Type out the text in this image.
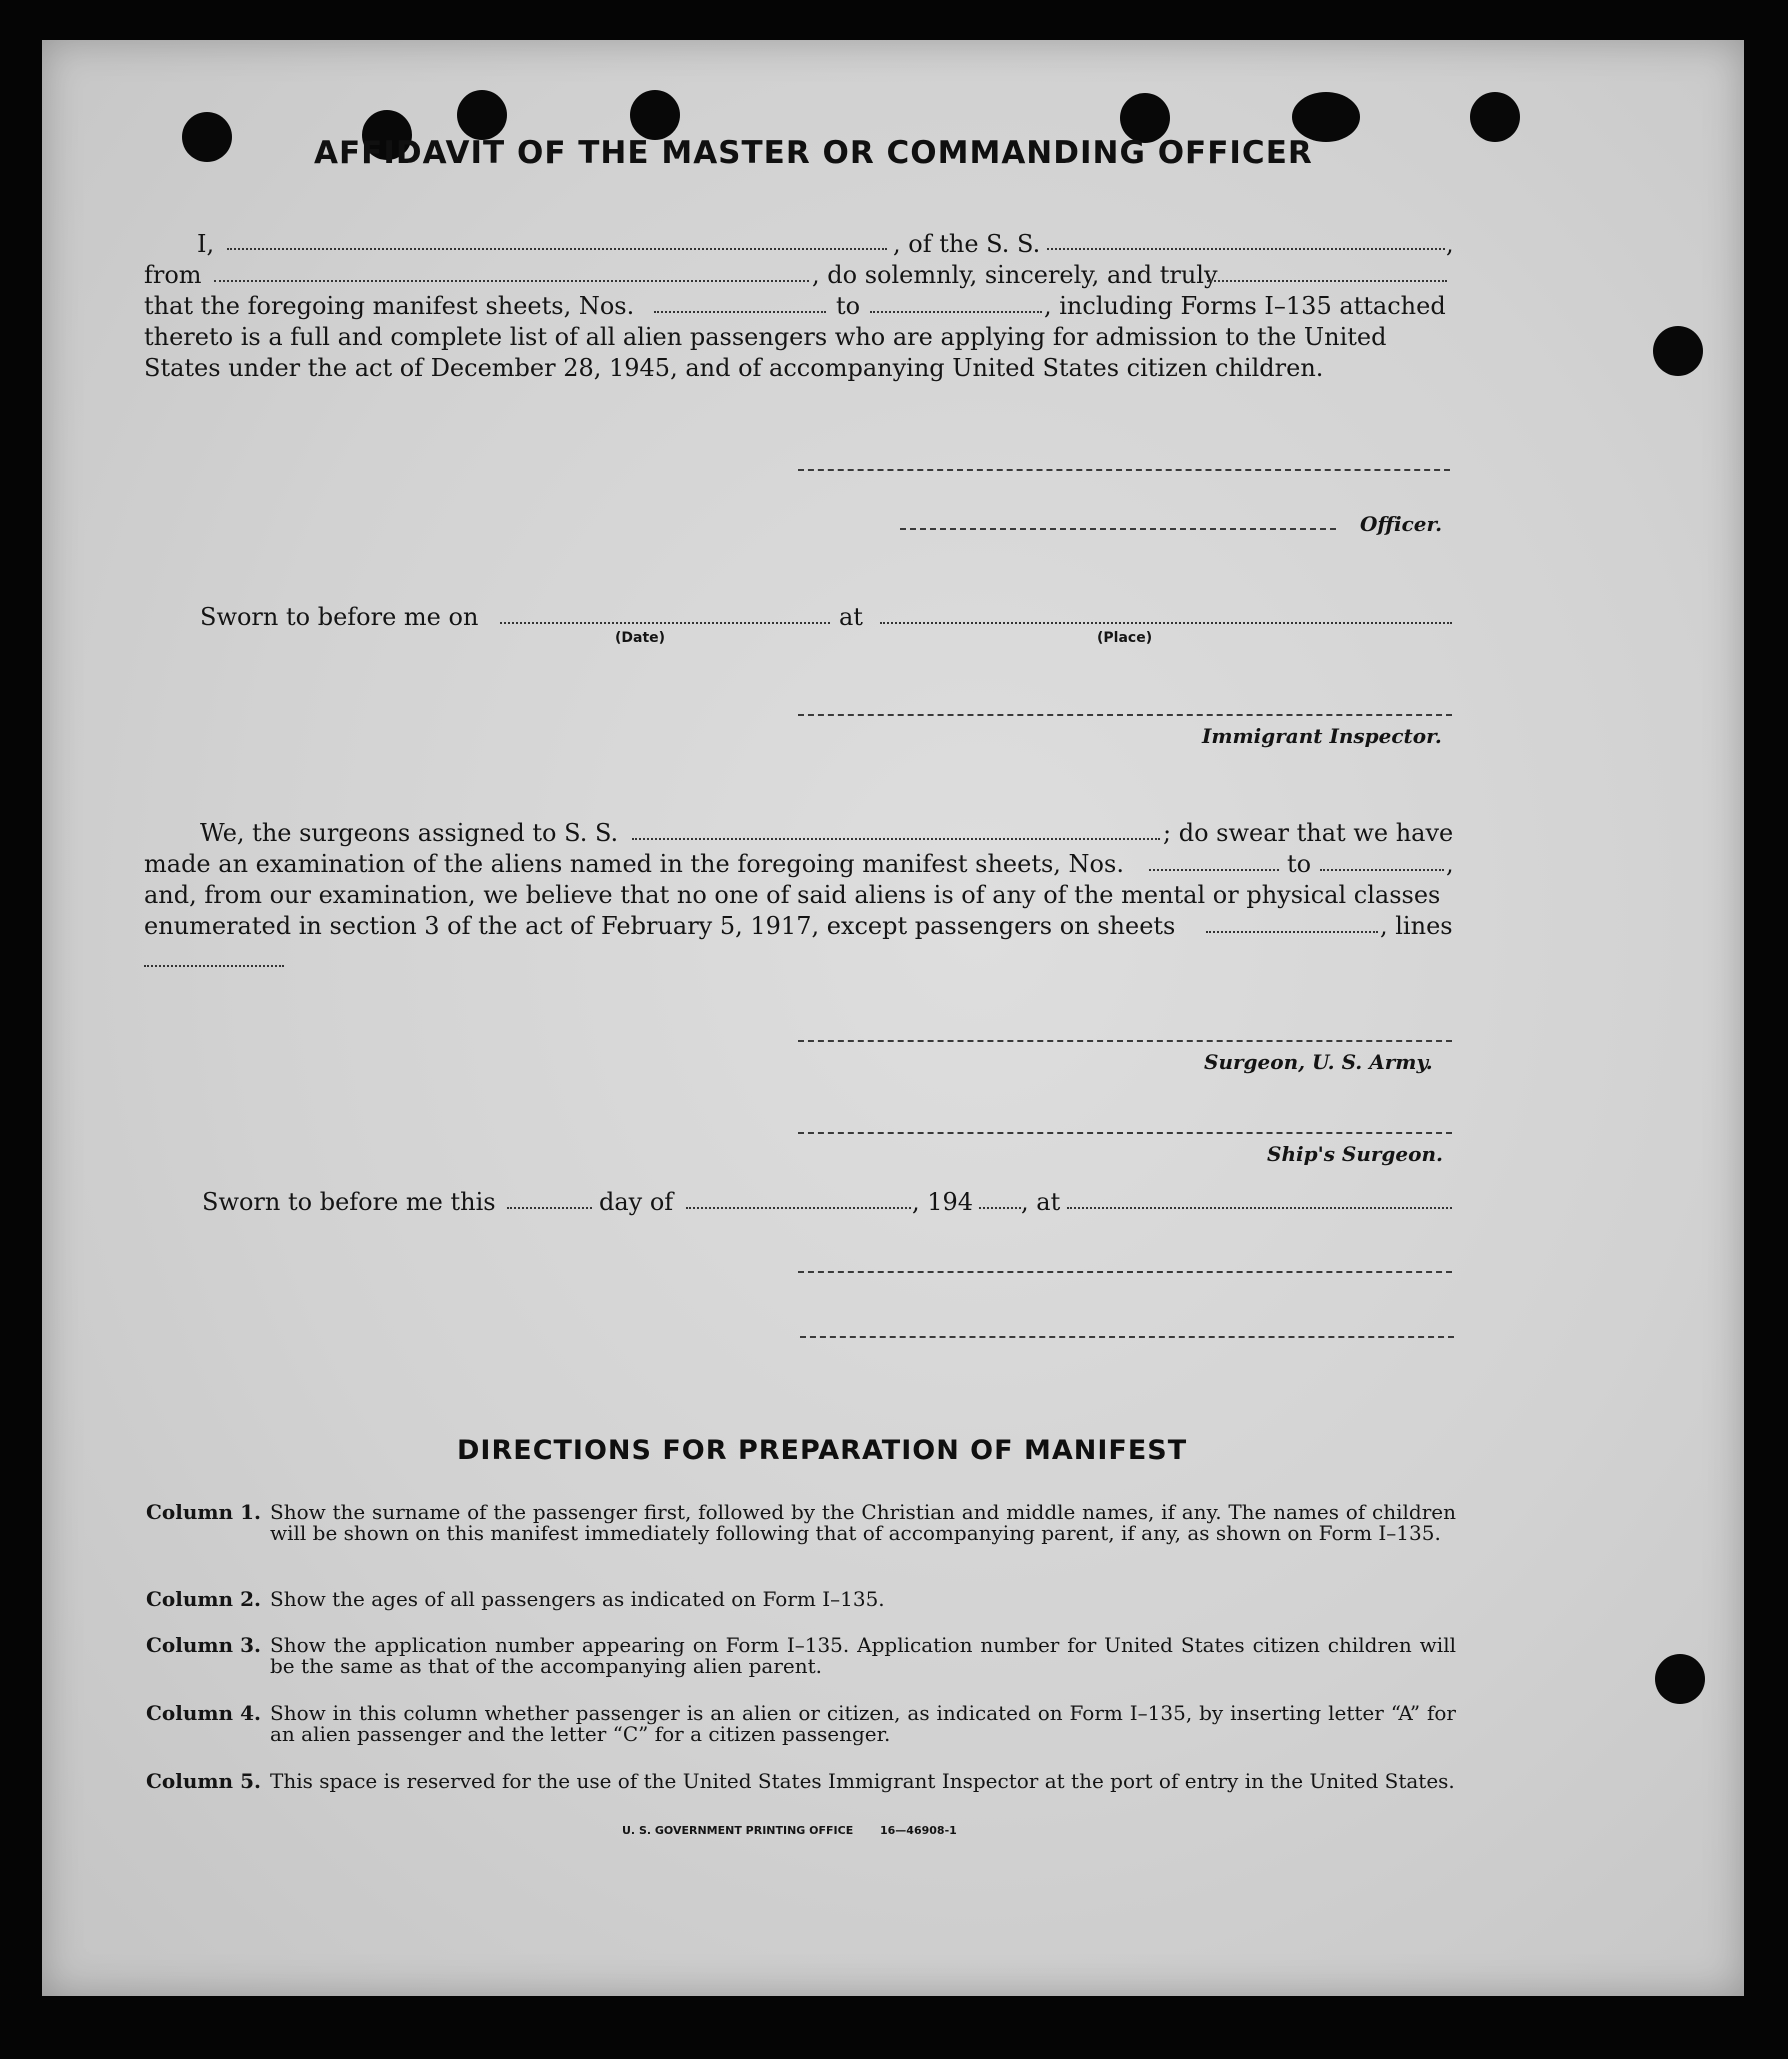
AFFIDAVIT OF THE MASTER OR COMMANDING OFFICER
I,	, of the S. S.	,
from	, do solemnly, sincerely, and truly
that the foregoing manifest sheets, Nos.	to	, including Forms I–135 attached
thereto is a full and complete list of all alien passengers who are applying for admission to the United
States under the act of December 28, 1945, and of accompanying United States citizen children.
Officer.
Sworn to before me on
(Date)
at
(Place)
Immigrant Inspector.
We, the surgeons assigned to S. S.	; do swear that we have
made an examination of the aliens named in the foregoing manifest sheets, Nos.	to	,
and, from our examination, we believe that no one of said aliens is of any of the mental or physical classes
enumerated in section 3 of the act of February 5, 1917, except passengers on sheets	, lines
Surgeon, U. S. Army.
Ship's Surgeon.
Sworn to before me this	day of	, 194 , at
DIRECTIONS FOR PREPARATION OF MANIFEST
Column 1. Show the surname of the passenger first, followed by the Christian and middle names, if any. The names of children will be shown on this manifest immediately following that of accompanying parent, if any, as shown on Form I–135.
Column 2. Show the ages of all passengers as indicated on Form I–135.
Column 3. Show the application number appearing on Form I–135. Application number for United States citizen children will be the same as that of the accompanying alien parent.
Column 4. Show in this column whether passenger is an alien or citizen, as indicated on Form I–135, by inserting letter “A” for an alien passenger and the letter “C” for a citizen passenger.
Column 5. This space is reserved for the use of the United States Immigrant Inspector at the port of entry in the United States.
U. S. GOVERNMENT PRINTING OFFICE 16—46908‑1
